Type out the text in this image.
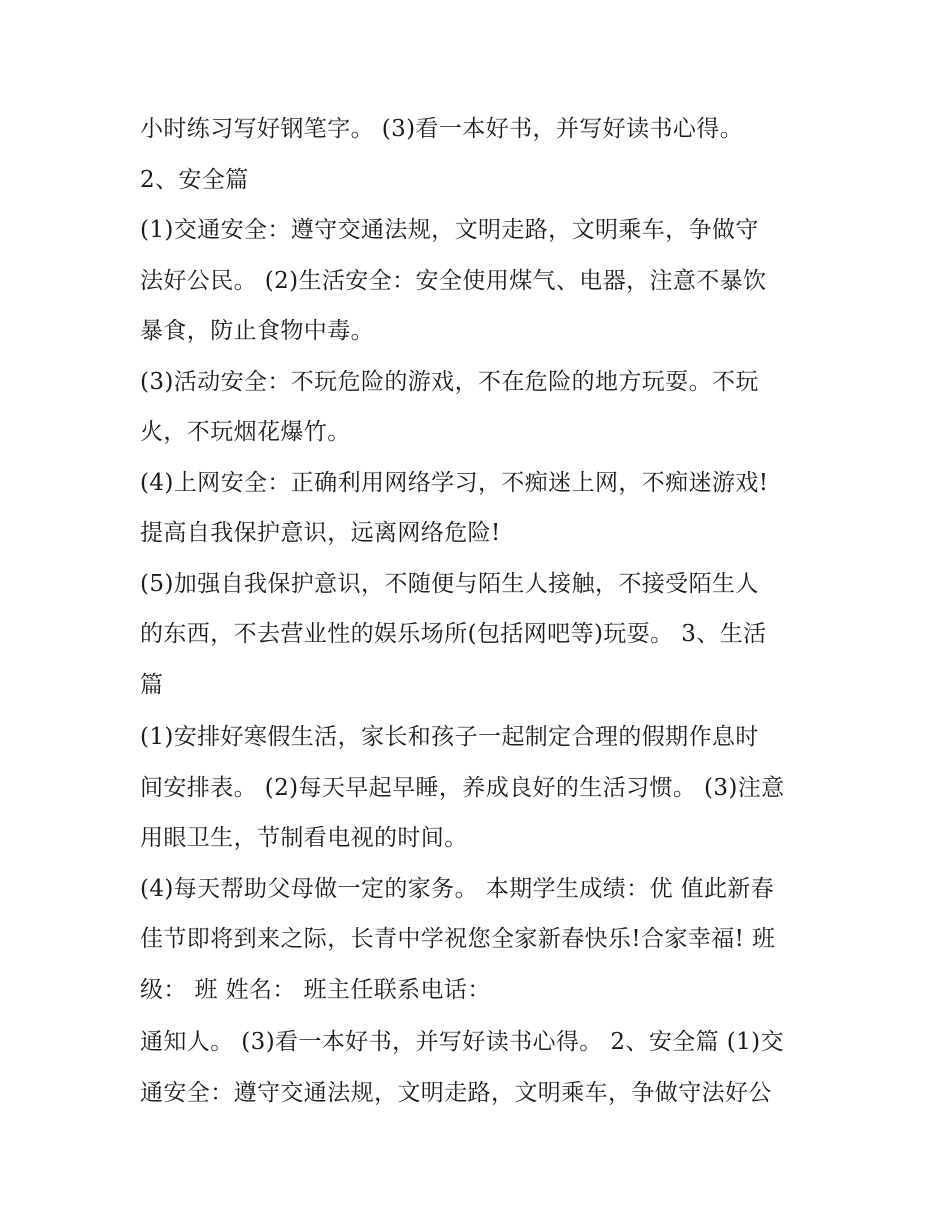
小时练习写好钢笔字。 (3)看一本好书，并写好读书心得。
2、安全篇
(1)交通安全：遵守交通法规，文明走路，文明乘车，争做守
法好公民。 (2)生活安全：安全使用煤气、电器，注意不暴饮
暴食，防止食物中毒。
(3)活动安全：不玩危险的游戏，不在危险的地方玩耍。不玩
火，不玩烟花爆竹。
(4)上网安全：正确利用网络学习，不痴迷上网，不痴迷游戏!
提高自我保护意识，远离网络危险!
(5)加强自我保护意识，不随便与陌生人接触，不接受陌生人
的东西，不去营业性的娱乐场所(包括网吧等)玩耍。 3、生活
篇
(1)安排好寒假生活，家长和孩子一起制定合理的假期作息时
间安排表。 (2)每天早起早睡，养成良好的生活习惯。 (3)注意
用眼卫生，节制看电视的时间。
(4)每天帮助父母做一定的家务。 本期学生成绩：优 值此新春
佳节即将到来之际，长青中学祝您全家新春快乐!合家幸福! 班
级： 班 姓名： 班主任联系电话：
通知人。 (3)看一本好书，并写好读书心得。 2、安全篇 (1)交
通安全：遵守交通法规，文明走路，文明乘车，争做守法好公
